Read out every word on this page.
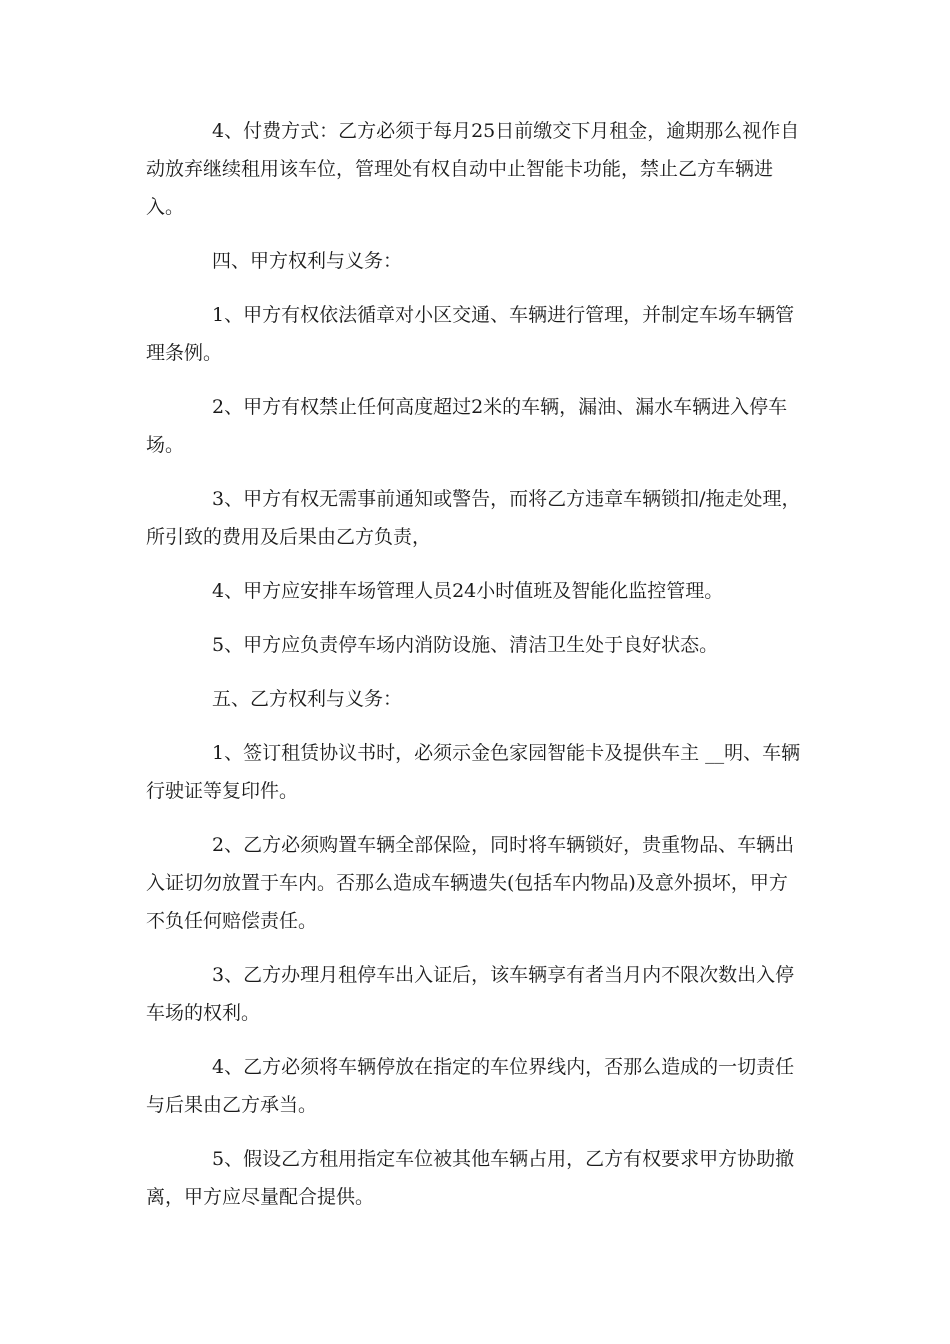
4、付费方式：乙方必须于每月25日前缴交下月租金，逾期那么视作自动放弃继续租用该车位，管理处有权自动中止智能卡功能，禁止乙方车辆进入。

四、甲方权利与义务：

1、甲方有权依法循章对小区交通、车辆进行管理，并制定车场车辆管理条例。

2、甲方有权禁止任何高度超过2米的车辆，漏油、漏水车辆进入停车场。

3、甲方有权无需事前通知或警告，而将乙方违章车辆锁扣/拖走处理，所引致的费用及后果由乙方负责，

4、甲方应安排车场管理人员24小时值班及智能化监控管理。

5、甲方应负责停车场内消防设施、清洁卫生处于良好状态。

五、乙方权利与义务：

1、签订租赁协议书时，必须示金色家园智能卡及提供车主 __明、车辆行驶证等复印件。

2、乙方必须购置车辆全部保险，同时将车辆锁好，贵重物品、车辆出入证切勿放置于车内。否那么造成车辆遗失(包括车内物品)及意外损坏，甲方不负任何赔偿责任。

3、乙方办理月租停车出入证后，该车辆享有者当月内不限次数出入停车场的权利。

4、乙方必须将车辆停放在指定的车位界线内，否那么造成的一切责任与后果由乙方承当。

5、假设乙方租用指定车位被其他车辆占用，乙方有权要求甲方协助撤离，甲方应尽量配合提供。
